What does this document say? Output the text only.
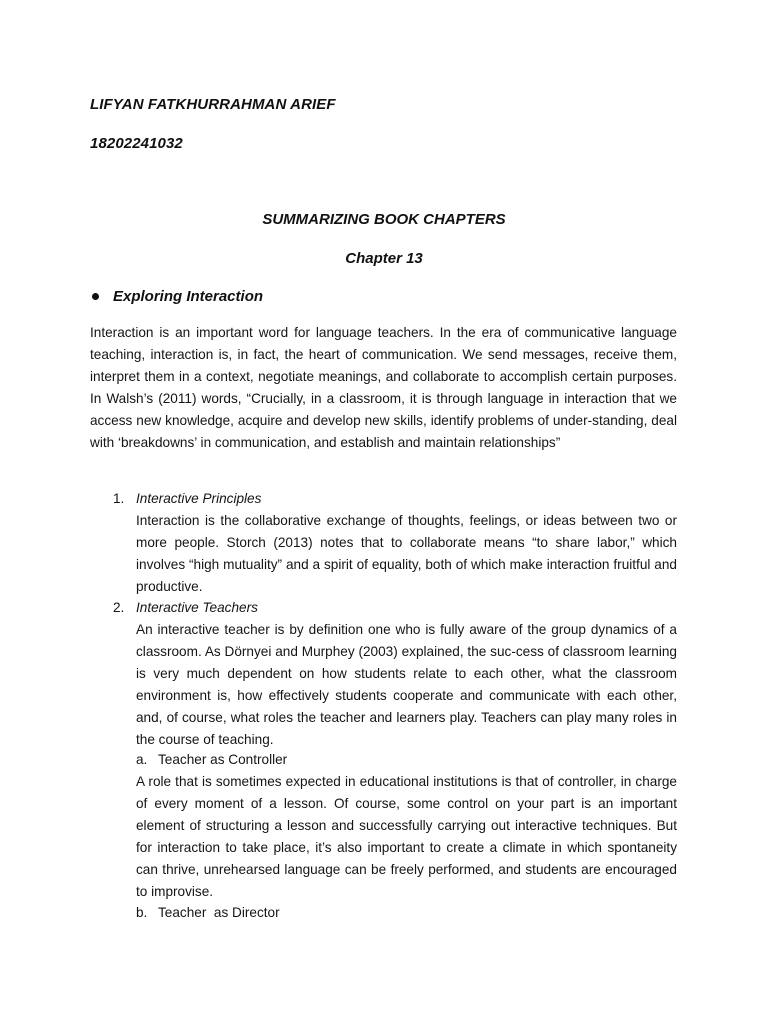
LIFYAN FATKHURRAHMAN ARIEF
18202241032
SUMMARIZING BOOK CHAPTERS
Chapter 13
Exploring Interaction
Interaction is an important word for language teachers. In the era of communicative language teaching, interaction is, in fact, the heart of communication. We send messages, receive them, interpret them in a context, negotiate meanings, and collaborate to accomplish certain purposes. In Walsh’s (2011) words, “Crucially, in a classroom, it is through language in interaction that we access new knowledge, acquire and develop new skills, identify problems of under-standing, deal with ‘breakdowns’ in communication, and establish and maintain relationships”
1. Interactive Principles
Interaction is the collaborative exchange of thoughts, feelings, or ideas between two or more people. Storch (2013) notes that to collaborate means “to share labor,” which involves “high mutuality” and a spirit of equality, both of which make interaction fruitful and productive.
2. Interactive Teachers
An interactive teacher is by definition one who is fully aware of the group dynamics of a classroom. As Dörnyei and Murphey (2003) explained, the suc-cess of classroom learning is very much dependent on how students relate to each other, what the classroom environment is, how effectively students cooperate and communicate with each other, and, of course, what roles the teacher and learners play. Teachers can play many roles in the course of teaching.
a. Teacher as Controller
A role that is sometimes expected in educational institutions is that of controller, in charge of every moment of a lesson. Of course, some control on your part is an important element of structuring a lesson and successfully carrying out interactive techniques. But for interaction to take place, it’s also important to create a climate in which spontaneity can thrive, unrehearsed language can be freely performed, and students are encouraged to improvise.
b. Teacher  as Director
